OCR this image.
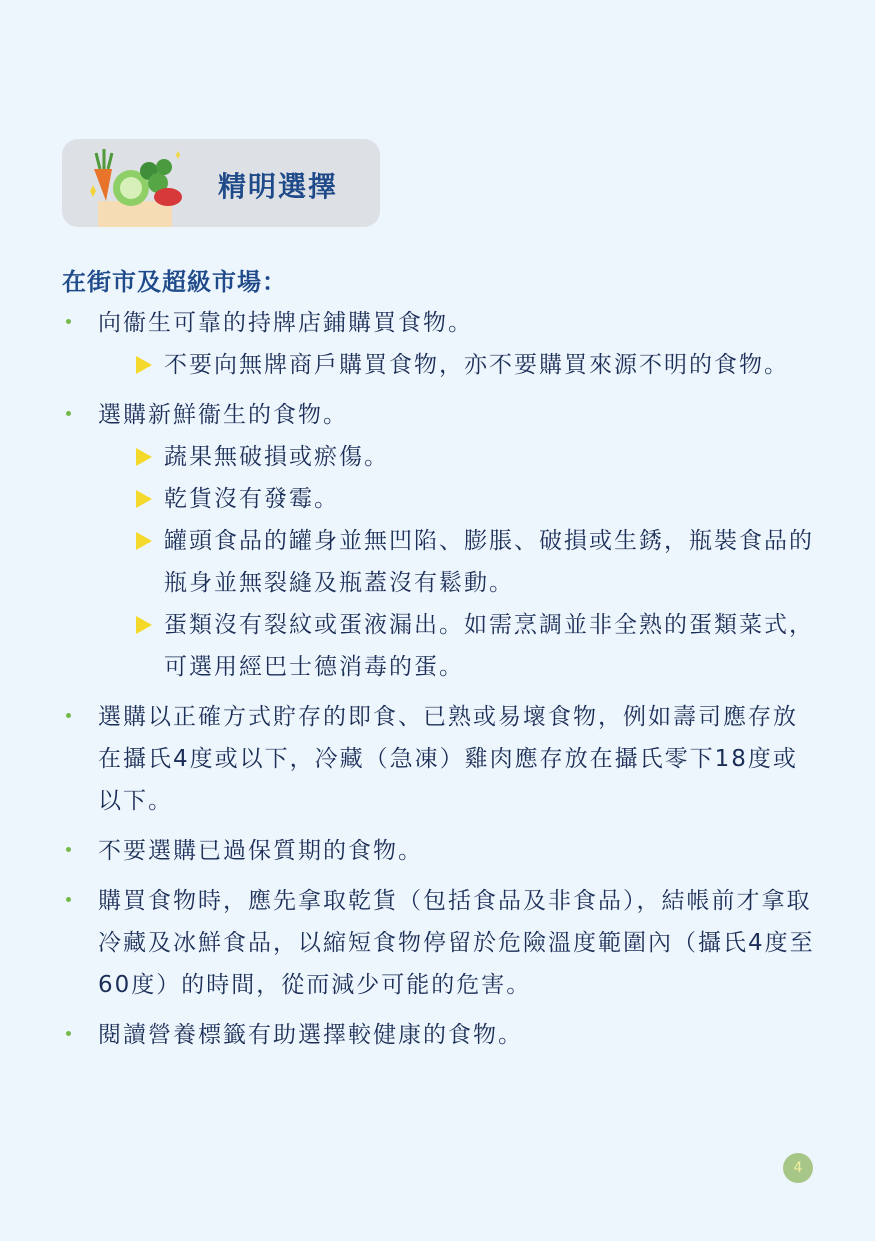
精明選擇
在街市及超級市場：
向衞生可靠的持牌店鋪購買食物。
不要向無牌商戶購買食物，亦不要購買來源不明的食物。
選購新鮮衞生的食物。
蔬果無破損或瘀傷。
乾貨沒有發霉。
罐頭食品的罐身並無凹陷、膨脹、破損或生銹，瓶裝食品的瓶身並無裂縫及瓶蓋沒有鬆動。
蛋類沒有裂紋或蛋液漏出。如需烹調並非全熟的蛋類菜式，可選用經巴士德消毒的蛋。
選購以正確方式貯存的即食、已熟或易壞食物，例如壽司應存放在攝氏4度或以下，冷藏（急凍）雞肉應存放在攝氏零下18度或以下。
不要選購已過保質期的食物。
購買食物時，應先拿取乾貨（包括食品及非食品），結帳前才拿取冷藏及冰鮮食品，以縮短食物停留於危險溫度範圍內（攝氏4度至60度）的時間，從而減少可能的危害。
閱讀營養標籤有助選擇較健康的食物。
4
